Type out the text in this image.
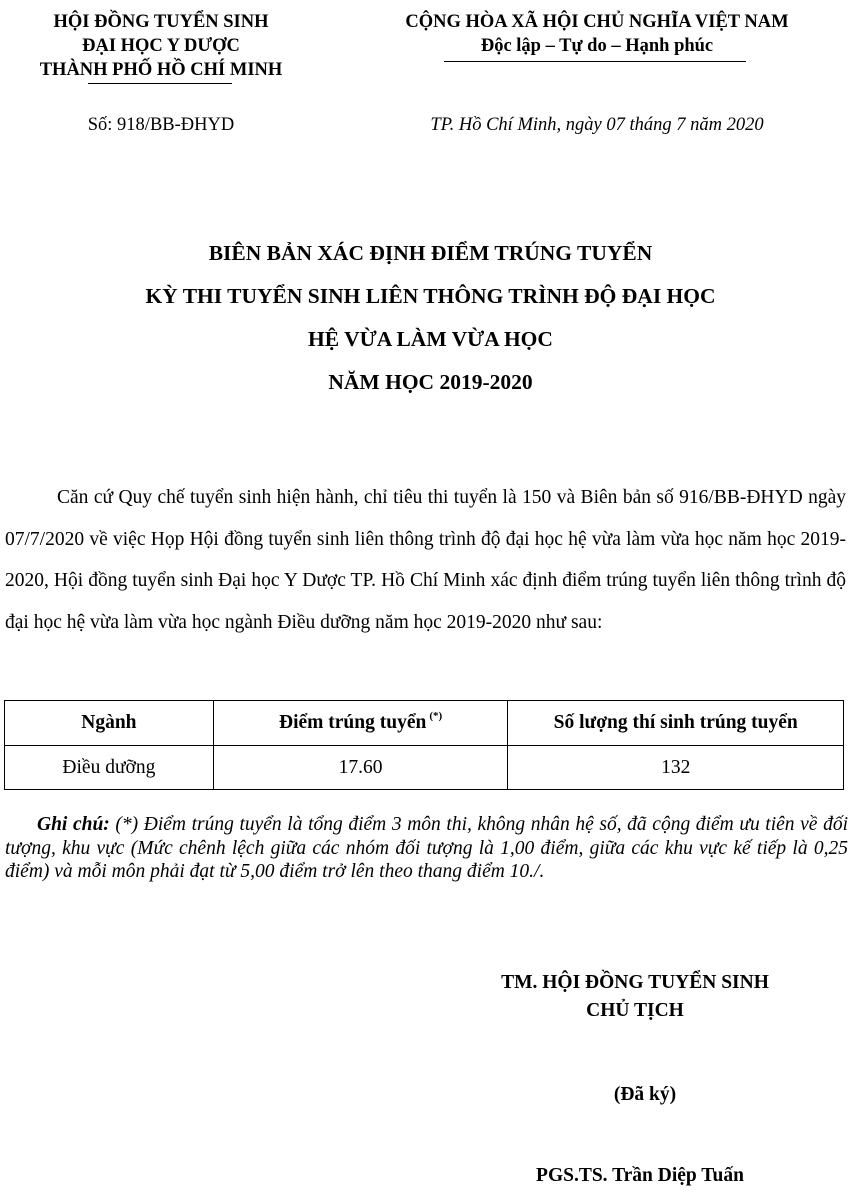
HỘI ĐỒNG TUYỂN SINH
ĐẠI HỌC Y DƯỢC
THÀNH PHỐ HỒ CHÍ MINH
CỘNG HÒA XÃ HỘI CHỦ NGHĨA VIỆT NAM
Độc lập – Tự do – Hạnh phúc
Số: 918/BB-ĐHYD	TP. Hồ Chí Minh, ngày 07 tháng 7 năm 2020
BIÊN BẢN XÁC ĐỊNH ĐIỂM TRÚNG TUYỂN
KỲ THI TUYỂN SINH LIÊN THÔNG TRÌNH ĐỘ ĐẠI HỌC
HỆ VỪA LÀM VỪA HỌC
NĂM HỌC 2019-2020
Căn cứ Quy chế tuyển sinh hiện hành, chỉ tiêu thi tuyển là 150 và Biên bản số 916/BB-ĐHYD ngày 07/7/2020 về việc Họp Hội đồng tuyển sinh liên thông trình độ đại học hệ vừa làm vừa học năm học 2019-2020, Hội đồng tuyển sinh Đại học Y Dược TP. Hồ Chí Minh xác định điểm trúng tuyển liên thông trình độ đại học hệ vừa làm vừa học ngành Điều dưỡng năm học 2019-2020 như sau:
Ngành	Điểm trúng tuyển (*)	Số lượng thí sinh trúng tuyển
Điều dưỡng	17.60	132
Ghi chú: (*) Điểm trúng tuyển là tổng điểm 3 môn thi, không nhân hệ số, đã cộng điểm ưu tiên về đối tượng, khu vực (Mức chênh lệch giữa các nhóm đối tượng là 1,00 điểm, giữa các khu vực kế tiếp là 0,25 điểm) và mỗi môn phải đạt từ 5,00 điểm trở lên theo thang điểm 10./.
TM. HỘI ĐỒNG TUYỂN SINH
CHỦ TỊCH
(Đã ký)
PGS.TS. Trần Diệp Tuấn
